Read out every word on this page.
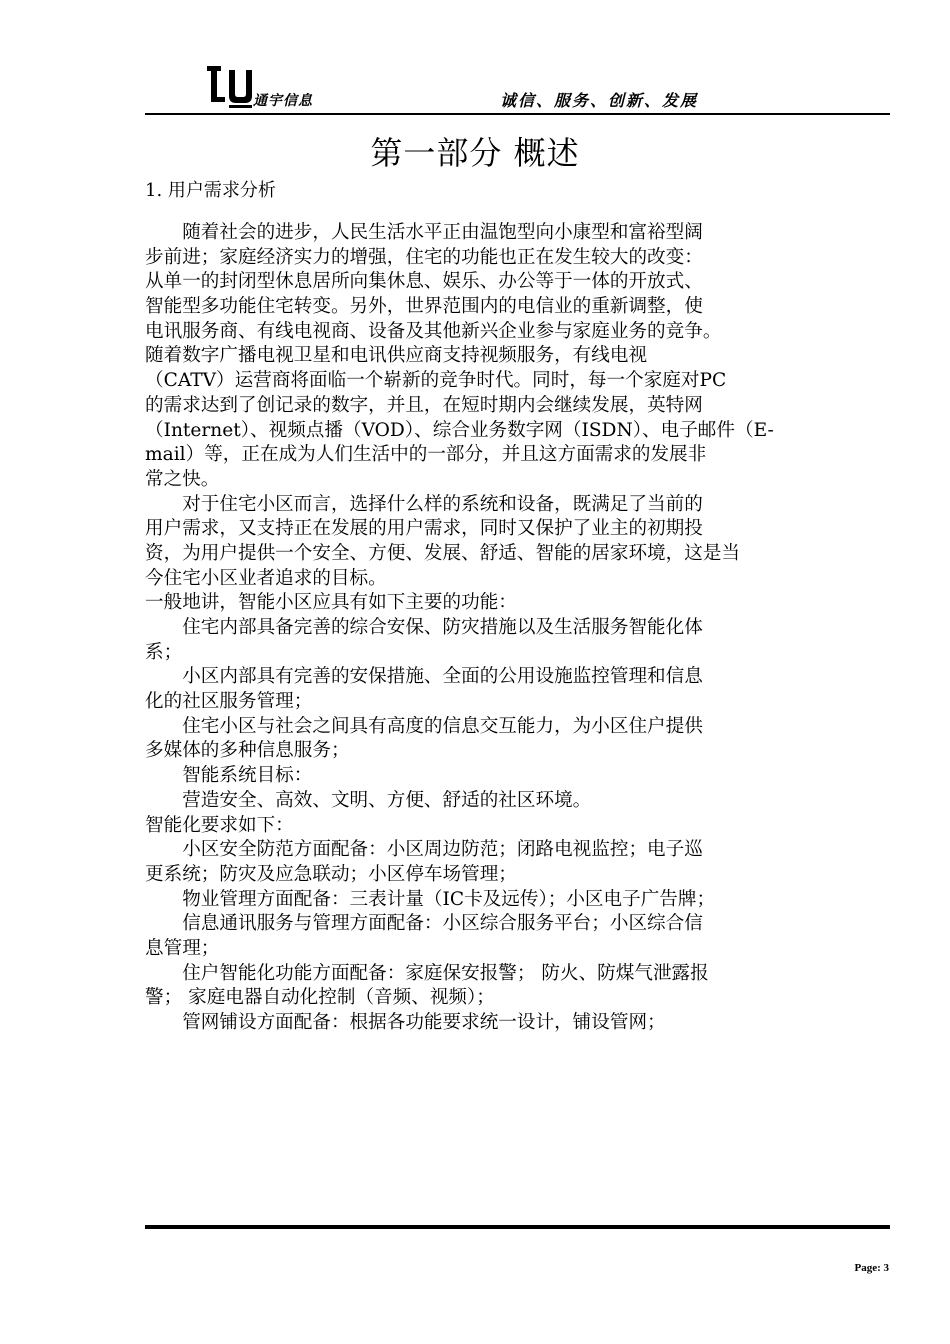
通宇信息	诚信、服务、创新、发展
第一部分 概述
1. 用户需求分析
　　随着社会的进步，人民生活水平正由温饱型向小康型和富裕型阔
步前进；家庭经济实力的增强，住宅的功能也正在发生较大的改变：
从单一的封闭型休息居所向集休息、娱乐、办公等于一体的开放式、
智能型多功能住宅转变。另外，世界范围内的电信业的重新调整，使
电讯服务商、有线电视商、设备及其他新兴企业参与家庭业务的竞争。
随着数字广播电视卫星和电讯供应商支持视频服务，有线电视
（CATV）运营商将面临一个崭新的竞争时代。同时，每一个家庭对PC
的需求达到了创记录的数字，并且，在短时期内会继续发展，英特网
（Internet）、视频点播（VOD）、综合业务数字网（ISDN）、电子邮件（E-
mail）等，正在成为人们生活中的一部分，并且这方面需求的发展非
常之快。
　　对于住宅小区而言，选择什么样的系统和设备，既满足了当前的
用户需求，又支持正在发展的用户需求，同时又保护了业主的初期投
资，为用户提供一个安全、方便、发展、舒适、智能的居家环境，这是当
今住宅小区业者追求的目标。
一般地讲，智能小区应具有如下主要的功能：
　　住宅内部具备完善的综合安保、防灾措施以及生活服务智能化体
系；
　　小区内部具有完善的安保措施、全面的公用设施监控管理和信息
化的社区服务管理；
　　住宅小区与社会之间具有高度的信息交互能力，为小区住户提供
多媒体的多种信息服务；
　　智能系统目标：
　　营造安全、高效、文明、方便、舒适的社区环境。
智能化要求如下：
　　小区安全防范方面配备：小区周边防范；闭路电视监控；电子巡
更系统；防灾及应急联动；小区停车场管理；
　　物业管理方面配备：三表计量（IC卡及远传）；小区电子广告牌；
　　信息通讯服务与管理方面配备：小区综合服务平台；小区综合信
息管理；
　　住户智能化功能方面配备：家庭保安报警； 防火、防煤气泄露报
警； 家庭电器自动化控制（音频、视频）；
　　管网铺设方面配备：根据各功能要求统一设计，铺设管网；
Page: 3
